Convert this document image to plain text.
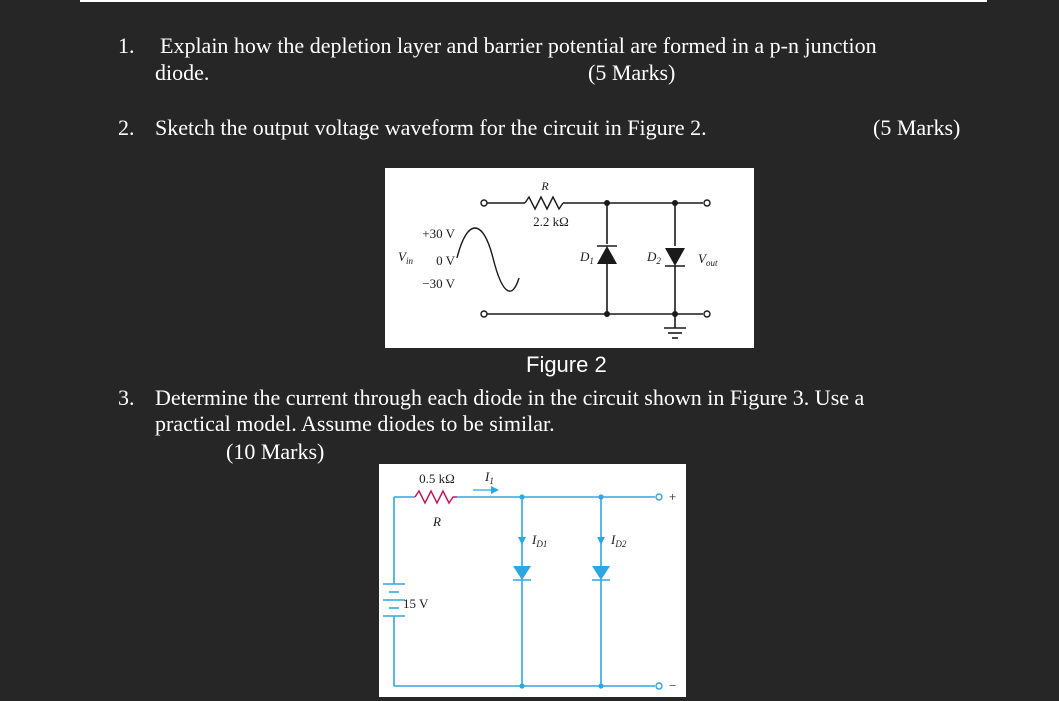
1. Explain how the depletion layer and barrier potential are formed in a p-n junction
diode.	(5 Marks)
2. Sketch the output voltage waveform for the circuit in Figure 2.	(5 Marks)
R
2.2 kΩ
+30 V
0 V
−30 V
$V_{in}$	$D_1$	$D_2$	$V_{out}$
Figure 2
3. Determine the current through each diode in the circuit shown in Figure 3. Use a
practical model. Assume diodes to be similar.
(10 Marks)
0.5 kΩ
R
$I_1$
$I_{D1}$	$I_{D2}$
15 V
+
−
